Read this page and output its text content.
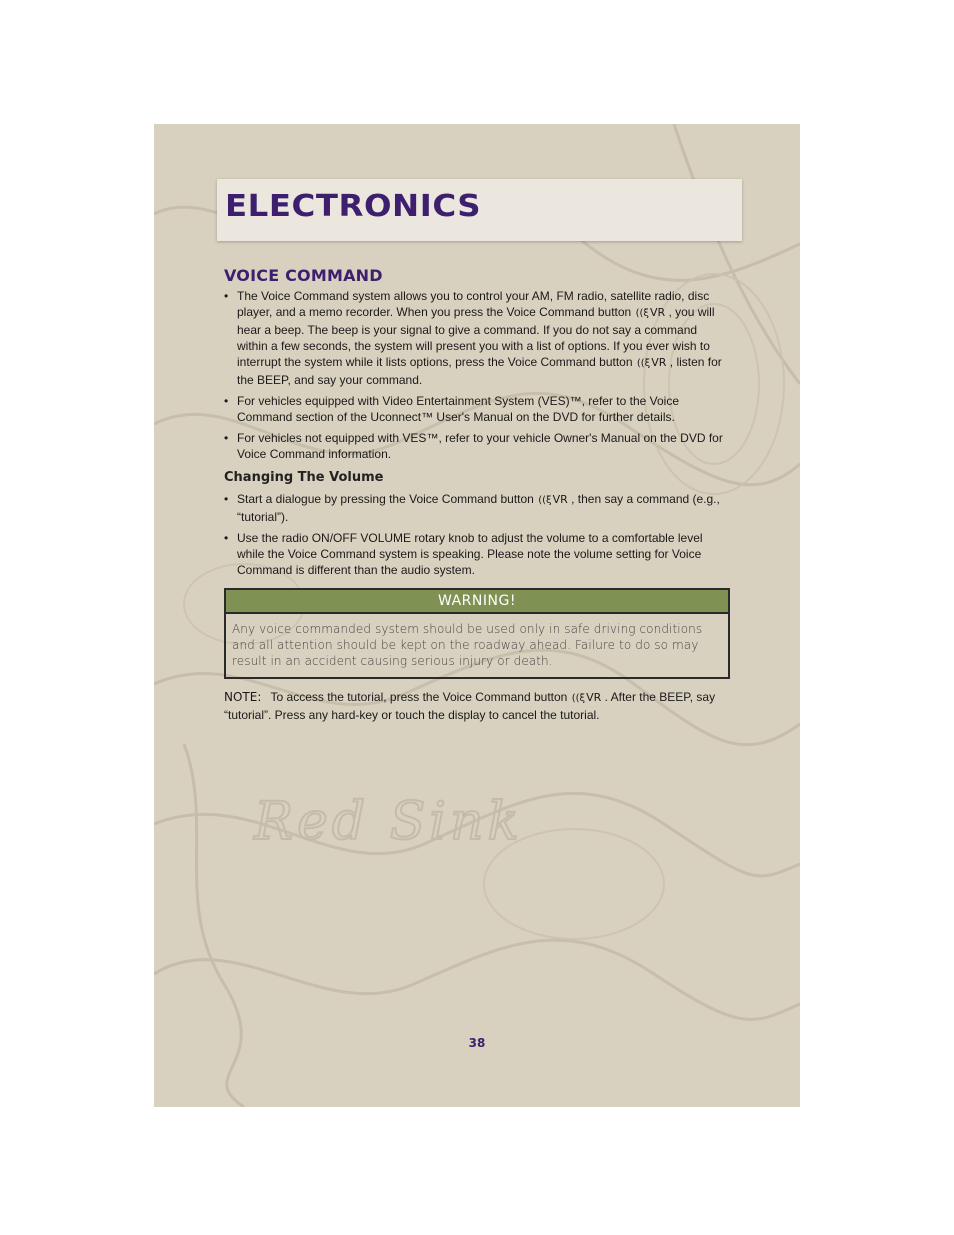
Red Sink
ELECTRONICS
VOICE COMMAND
• The Voice Command system allows you to control your AM, FM radio, satellite radio, disc player, and a memo recorder. When you press the Voice Command button ((ξVR , you will hear a beep. The beep is your signal to give a command. If you do not say a command within a few seconds, the system will present you with a list of options. If you ever wish to interrupt the system while it lists options, press the Voice Command button ((ξVR , listen for the BEEP, and say your command.
• For vehicles equipped with Video Entertainment System (VES)™, refer to the Voice Command section of the Uconnect™ User's Manual on the DVD for further details.
• For vehicles not equipped with VES™, refer to your vehicle Owner's Manual on the DVD for Voice Command information.
Changing The Volume
• Start a dialogue by pressing the Voice Command button ((ξVR , then say a command (e.g., “tutorial”).
• Use the radio ON/OFF VOLUME rotary knob to adjust the volume to a comfortable level while the Voice Command system is speaking. Please note the volume setting for Voice Command is different than the audio system.
WARNING!
Any voice commanded system should be used only in safe driving conditions and all attention should be kept on the roadway ahead. Failure to do so may result in an accident causing serious injury or death.
NOTE: To access the tutorial, press the Voice Command button ((ξVR . After the BEEP, say “tutorial”. Press any hard-key or touch the display to cancel the tutorial.
38
